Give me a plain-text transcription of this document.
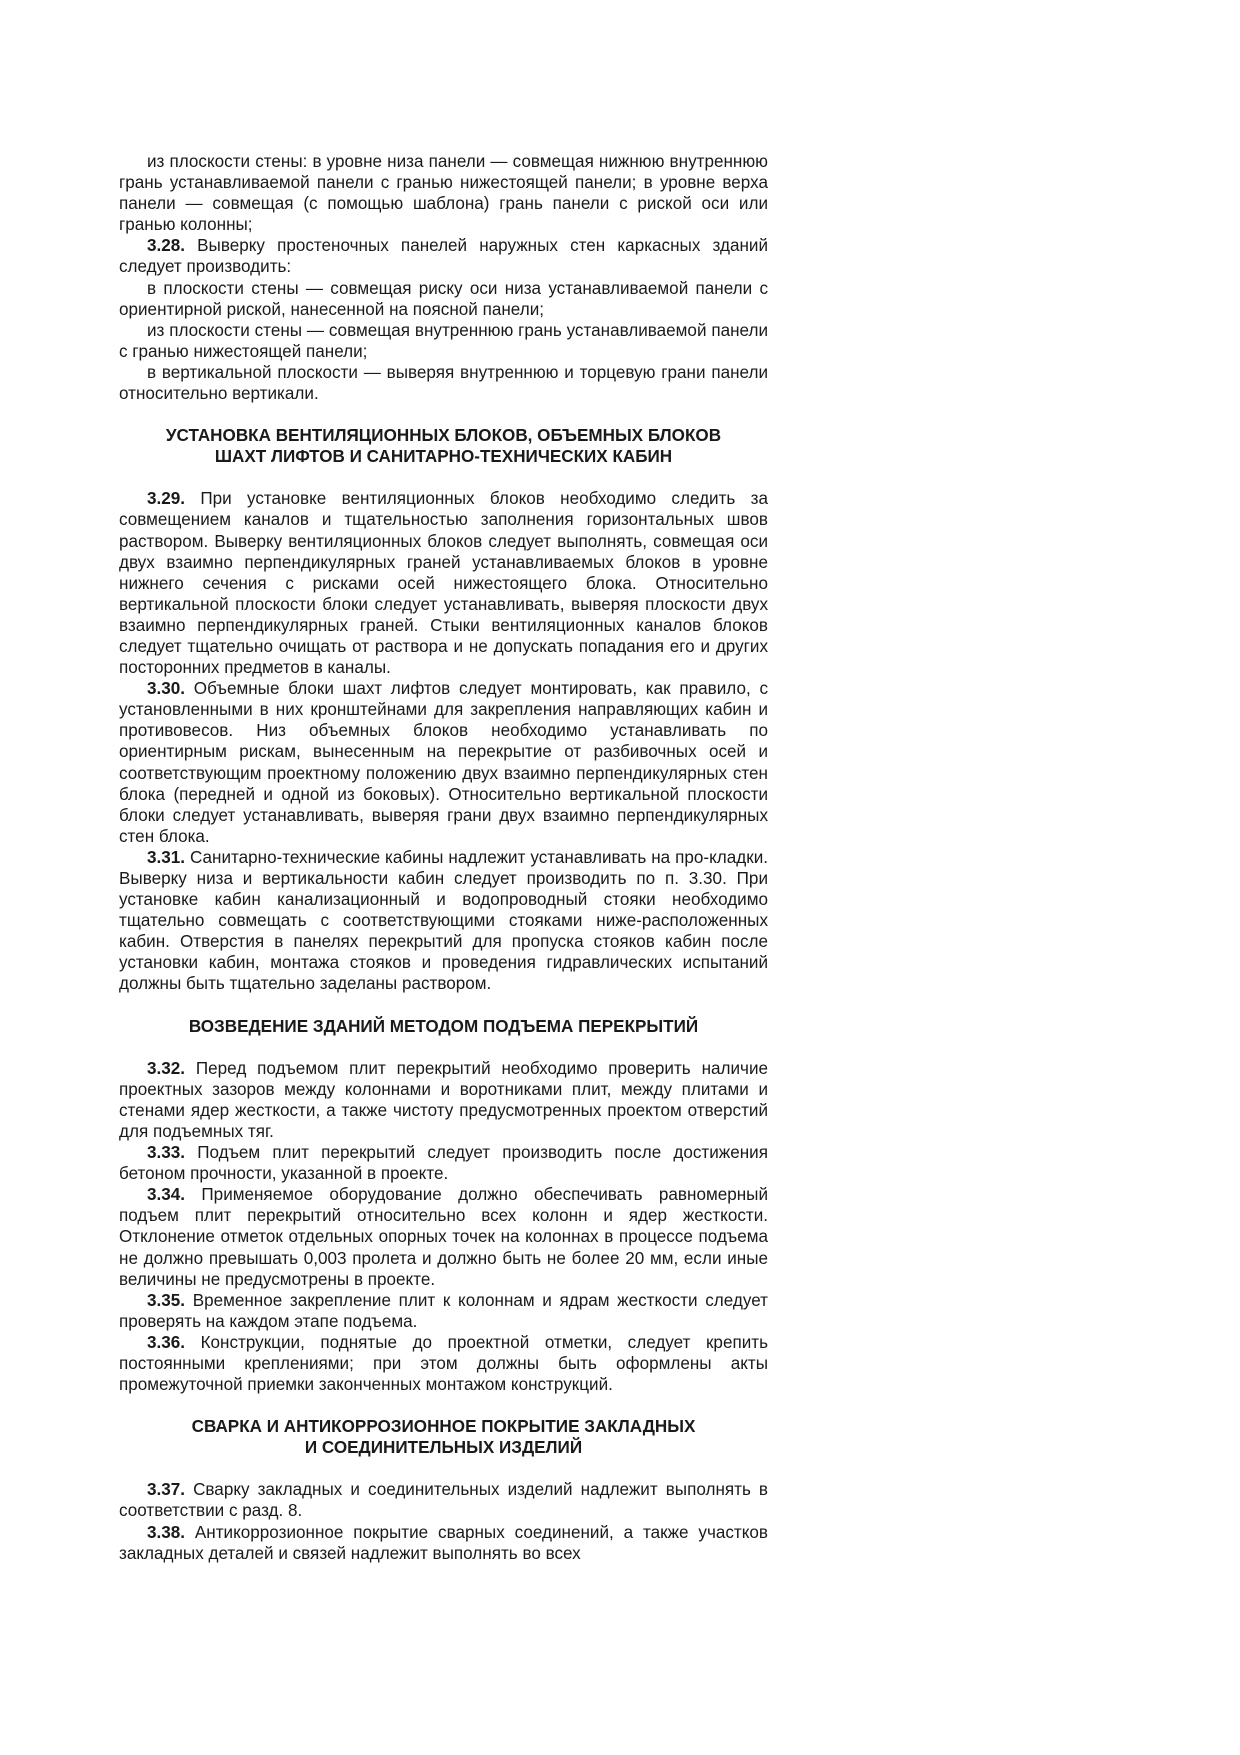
из плоскости стены: в уровне низа панели — совмещая нижнюю внутреннюю грань устанавливаемой панели с гранью нижестоящей панели; в уровне верха панели — совмещая (с помощью шаблона) грань панели с риской оси или гранью колонны;

3.28. Выверку простеночных панелей наружных стен каркасных зданий следует производить:

в плоскости стены — совмещая риску оси низа устанавливаемой панели с ориентирной риской, нанесенной на поясной панели;

из плоскости стены — совмещая внутреннюю грань устанавливаемой панели с гранью нижестоящей панели;

в вертикальной плоскости — выверяя внутреннюю и торцевую грани панели относительно вертикали.

УСТАНОВКА ВЕНТИЛЯЦИОННЫХ БЛОКОВ, ОБЪЕМНЫХ БЛОКОВ
ШАХТ ЛИФТОВ И САНИТАРНО-ТЕХНИЧЕСКИХ КАБИН

3.29. При установке вентиляционных блоков необходимо следить за совмещением каналов и тщательностью заполнения горизонтальных швов раствором. Выверку вентиляционных блоков следует выполнять, совмещая оси двух взаимно перпендикулярных граней устанавливаемых блоков в уровне нижнего сечения с рисками осей нижестоящего блока. Относительно вертикальной плоскости блоки следует устанавливать, выверяя плоскости двух взаимно перпендикулярных граней. Стыки вентиляционных каналов блоков следует тщательно очищать от раствора и не допускать попадания его и других посторонних предметов в каналы.

3.30. Объемные блоки шахт лифтов следует монтировать, как правило, с установленными в них кронштейнами для закрепления направляющих кабин и противовесов. Низ объемных блоков необходимо устанавливать по ориентирным рискам, вынесенным на перекрытие от разбивочных осей и соответствующим проектному положению двух взаимно перпендикулярных стен блока (передней и одной из боковых). Относительно вертикальной плоскости блоки следует устанавливать, выверяя грани двух взаимно перпендикулярных стен блока.

3.31. Санитарно-технические кабины надлежит устанавливать на про-кладки. Выверку низа и вертикальности кабин следует производить по п. 3.30. При установке кабин канализационный и водопроводный стояки необходимо тщательно совмещать с соответствующими стояками ниже-расположенных кабин. Отверстия в панелях перекрытий для пропуска стояков кабин после установки кабин, монтажа стояков и проведения гидравлических испытаний должны быть тщательно заделаны раствором.

ВОЗВЕДЕНИЕ ЗДАНИЙ МЕТОДОМ ПОДЪЕМА ПЕРЕКРЫТИЙ

3.32. Перед подъемом плит перекрытий необходимо проверить наличие проектных зазоров между колоннами и воротниками плит, между плитами и стенами ядер жесткости, а также чистоту предусмотренных проектом отверстий для подъемных тяг.

3.33. Подъем плит перекрытий следует производить после достижения бетоном прочности, указанной в проекте.

3.34. Применяемое оборудование должно обеспечивать равномерный подъем плит перекрытий относительно всех колонн и ядер жесткости. Отклонение отметок отдельных опорных точек на колоннах в процессе подъема не должно превышать 0,003 пролета и должно быть не более 20 мм, если иные величины не предусмотрены в проекте.

3.35. Временное закрепление плит к колоннам и ядрам жесткости следует проверять на каждом этапе подъема.

3.36. Конструкции, поднятые до проектной отметки, следует крепить постоянными креплениями; при этом должны быть оформлены акты промежуточной приемки законченных монтажом конструкций.

СВАРКА И АНТИКОРРОЗИОННОЕ ПОКРЫТИЕ ЗАКЛАДНЫХ
И СОЕДИНИТЕЛЬНЫХ ИЗДЕЛИЙ

3.37. Сварку закладных и соединительных изделий надлежит выполнять в соответствии с разд. 8.

3.38. Антикоррозионное покрытие сварных соединений, а также участков закладных деталей и связей надлежит выполнять во всех
